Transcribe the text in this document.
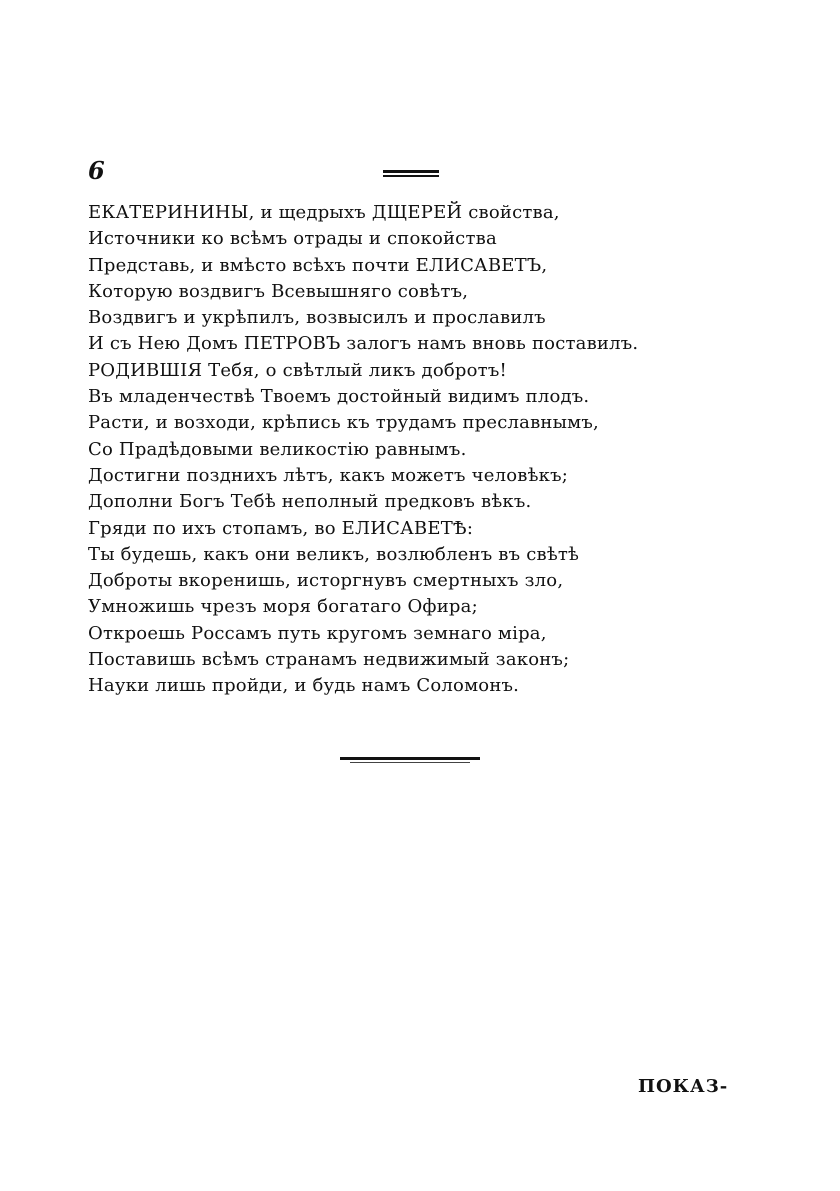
6
ЕКАТЕРИНИНЫ, и щедрыхъ ДЩЕРЕЙ свойства,
Источники ко всѣмъ отрады и спокойства
Представь, и вмѣсто всѣхъ почти ЕЛИСАВЕТЪ,
Которую воздвигъ Всевышняго совѣтъ,
Воздвигъ и укрѣпилъ, возвысилъ и прославилъ
И съ Нею Домъ ПЕТРОВЪ залогъ намъ вновь поставилъ.
РОДИВШІЯ Тебя, о свѣтлый ликъ добротъ!
Въ младенчествѣ Твоемъ достойный видимъ плодъ.
Расти, и возходи, крѣпись къ трудамъ преславнымъ,
Со Прадѣдовыми великостію равнымъ.
Достигни позднихъ лѣтъ, какъ можетъ человѣкъ;
Дополни Богъ Тебѣ неполный предковъ вѣкъ.
Гряди по ихъ стопамъ, во ЕЛИСАВЕТѢ:
Ты будешь, какъ они великъ, возлюбленъ въ свѣтѣ
Доброты вкоренишь, исторгнувъ смертныхъ зло,
Умножишь чрезъ моря богатаго Офира;
Откроешь Россамъ путь кругомъ земнаго міра,
Поставишь всѣмъ странамъ недвижимый законъ;
Науки лишь пройди, и будь намъ Соломонъ.
ПОКАЗ-
